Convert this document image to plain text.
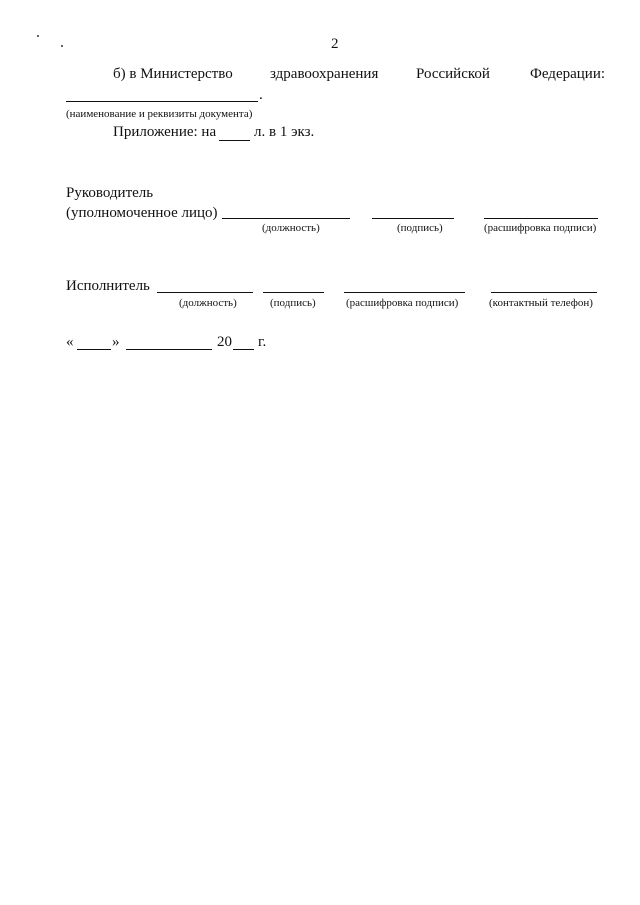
2
б) в Министерство здравоохранения	Российской	Федерации:
.
(наименование и реквизиты документа)
Приложение: на	л. в 1 экз.
Руководитель
(уполномоченное лицо)
(должность)	(подпись)	(расшифровка подписи)
Исполнитель
(должность)	(подпись)	(расшифровка подписи)	(контактный телефон)
«	»	20 г.
